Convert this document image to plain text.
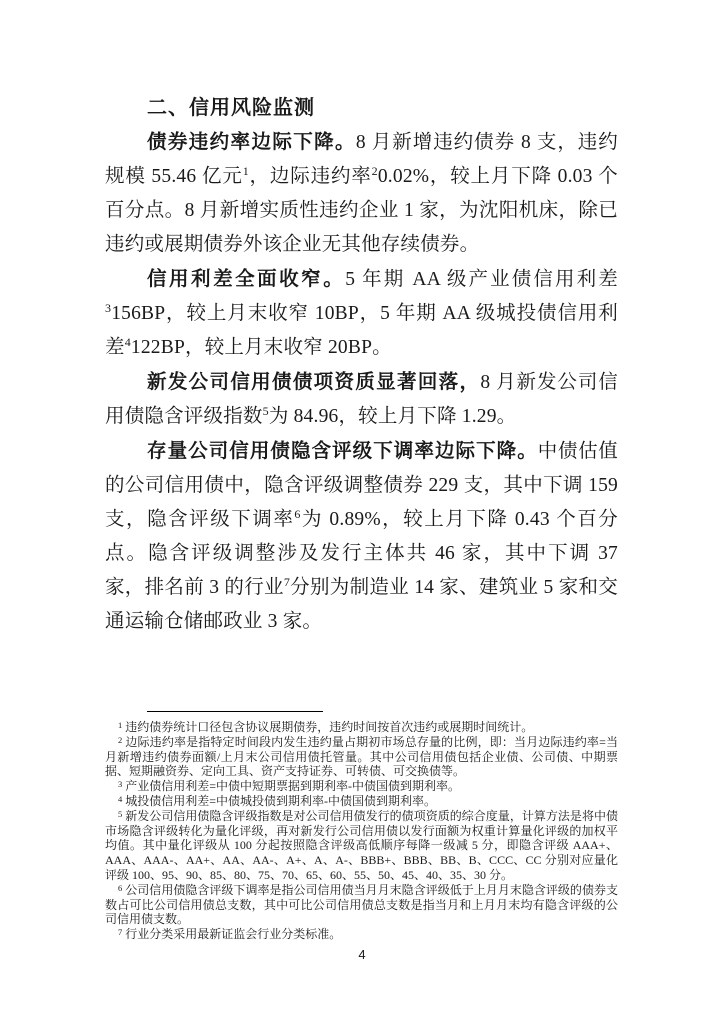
二、信用风险监测

债券违约率边际下降。8 月新增违约债券 8 支，违约规模 55.46 亿元$^1$，边际违约率$^2$0.02%，较上月下降 0.03 个百分点。8 月新增实质性违约企业 1 家，为沈阳机床，除已违约或展期债券外该企业无其他存续债券。

信用利差全面收窄。5 年期 AA 级产业债信用利差$^3$156BP，较上月末收窄 10BP，5 年期 AA 级城投债信用利差$^4$122BP，较上月末收窄 20BP。

新发公司信用债债项资质显著回落，8 月新发公司信用债隐含评级指数$^5$为 84.96，较上月下降 1.29。

存量公司信用债隐含评级下调率边际下降。中债估值的公司信用债中，隐含评级调整债券 229 支，其中下调 159 支，隐含评级下调率$^6$为 0.89%，较上月下降 0.43 个百分点。隐含评级调整涉及发行主体共 46 家，其中下调 37 家，排名前 3 的行业$^7$分别为制造业 14 家、建筑业 5 家和交通运输仓储邮政业 3 家。

$^1$ 违约债券统计口径包含协议展期债券，违约时间按首次违约或展期时间统计。

$^2$ 边际违约率是指特定时间段内发生违约量占期初市场总存量的比例，即：当月边际违约率=当月新增违约债券面额/上月末公司信用债托管量。其中公司信用债包括企业债、公司债、中期票据、短期融资券、定向工具、资产支持证券、可转债、可交换债等。

$^3$ 产业债信用利差=中债中短期票据到期利率-中债国债到期利率。

$^4$ 城投债信用利差=中债城投债到期利率-中债国债到期利率。

$^5$ 新发公司信用债隐含评级指数是对公司信用债发行的债项资质的综合度量，计算方法是将中债市场隐含评级转化为量化评级，再对新发行公司信用债以发行面额为权重计算量化评级的加权平均值。其中量化评级从 100 分起按照隐含评级高低顺序每降一级减 5 分，即隐含评级 AAA+、AAA、AAA-、AA+、AA、AA-、A+、A、A-、BBB+、BBB、BB、B、CCC、CC 分别对应量化评级 100、95、90、85、80、75、70、65、60、55、50、45、40、35、30 分。

$^6$ 公司信用债隐含评级下调率是指公司信用债当月月末隐含评级低于上月月末隐含评级的债券支数占可比公司信用债总支数，其中可比公司信用债总支数是指当月和上月月末均有隐含评级的公司信用债支数。

$^7$ 行业分类采用最新证监会行业分类标准。

4
